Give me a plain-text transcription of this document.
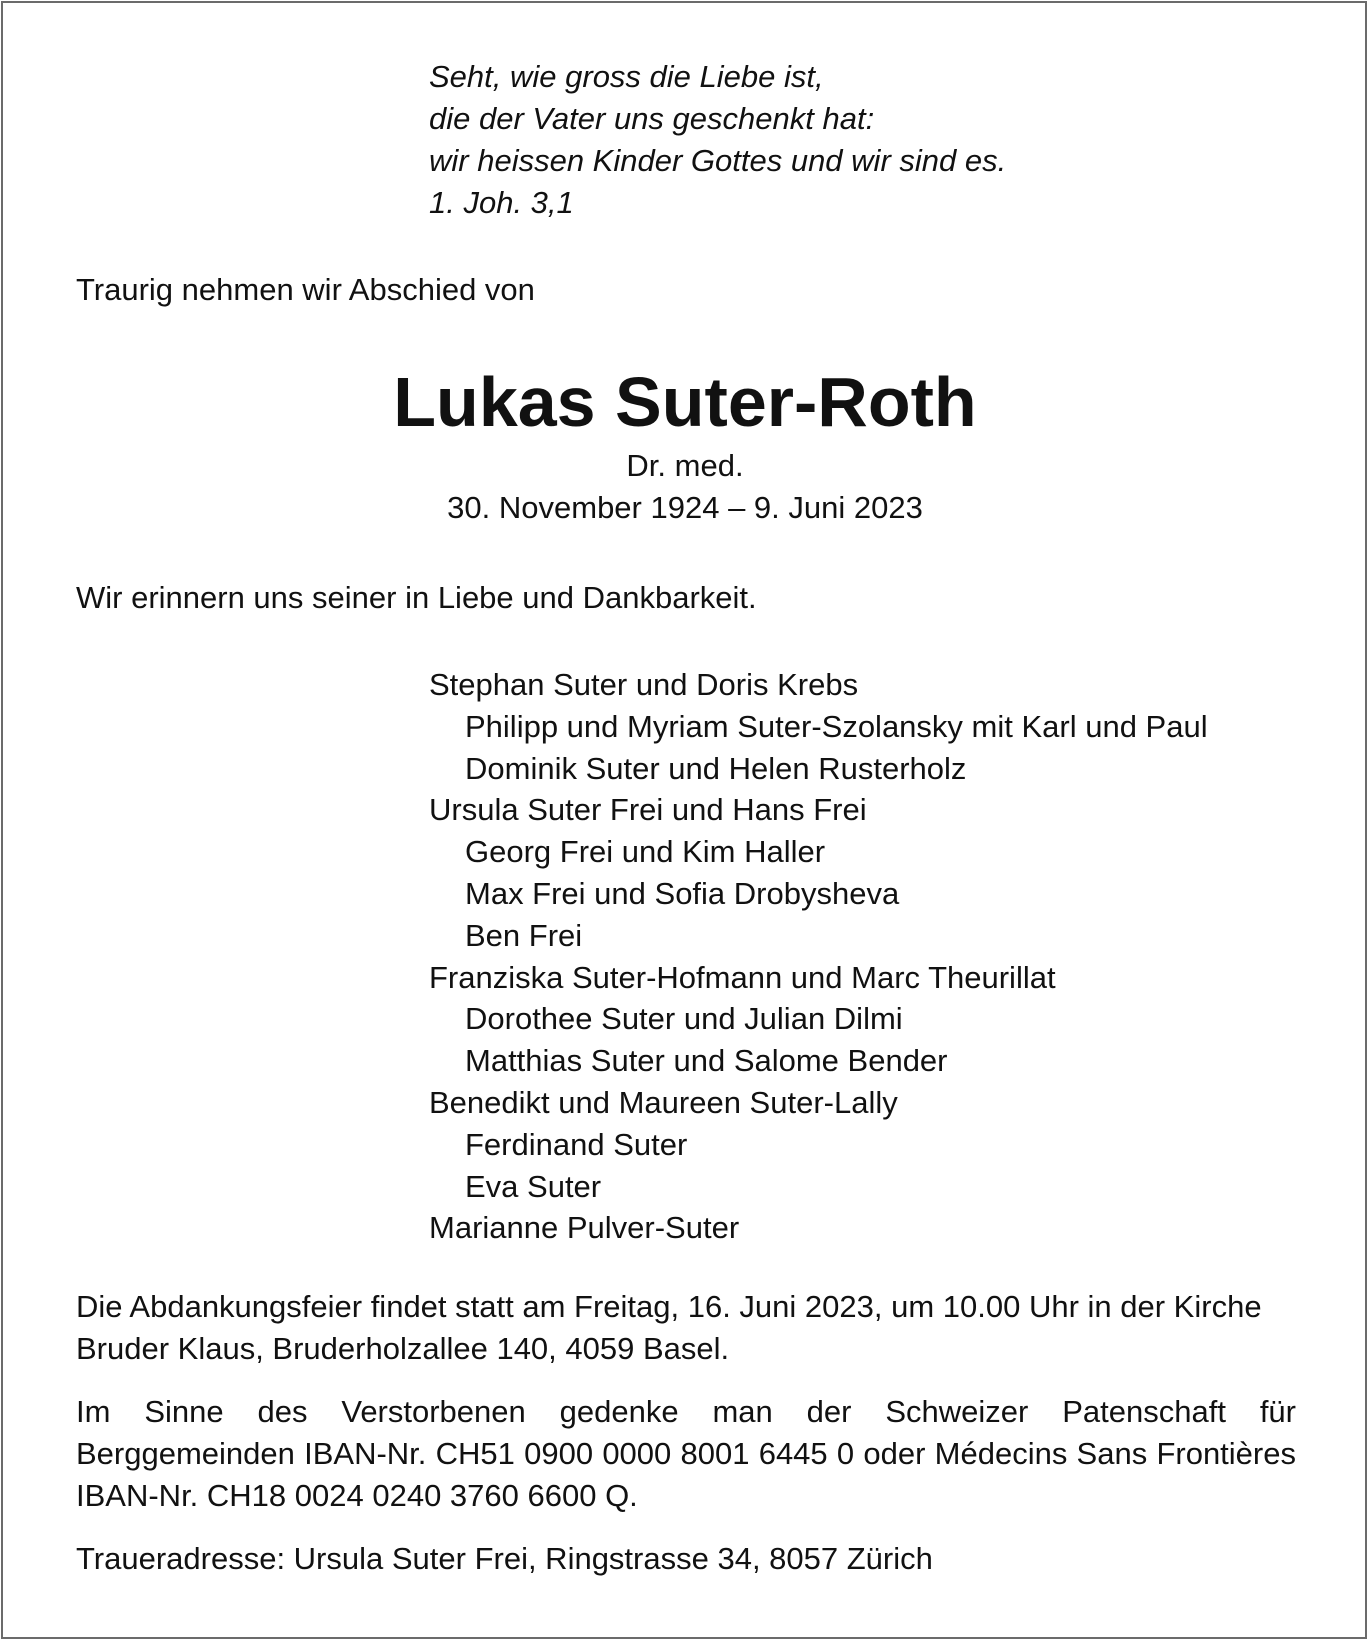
Seht, wie gross die Liebe ist,
die der Vater uns geschenkt hat:
wir heissen Kinder Gottes und wir sind es.
1. Joh. 3,1
Traurig nehmen wir Abschied von
Lukas Suter-Roth
Dr. med.
30. November 1924 – 9. Juni 2023
Wir erinnern uns seiner in Liebe und Dankbarkeit.
Stephan Suter und Doris Krebs
Philipp und Myriam Suter-Szolansky mit Karl und Paul
Dominik Suter und Helen Rusterholz
Ursula Suter Frei und Hans Frei
Georg Frei und Kim Haller
Max Frei und Sofia Drobysheva
Ben Frei
Franziska Suter-Hofmann und Marc Theurillat
Dorothee Suter und Julian Dilmi
Matthias Suter und Salome Bender
Benedikt und Maureen Suter-Lally
Ferdinand Suter
Eva Suter
Marianne Pulver-Suter
Die Abdankungsfeier findet statt am Freitag, 16. Juni 2023, um 10.00 Uhr in der Kirche Bruder Klaus, Bruderholzallee 140, 4059 Basel.
Im Sinne des Verstorbenen gedenke man der Schweizer Patenschaft für Berggemeinden IBAN-Nr. CH51 0900 0000 8001 6445 0 oder Médecins Sans Frontières IBAN-Nr. CH18 0024 0240 3760 6600 Q.
Traueradresse: Ursula Suter Frei, Ringstrasse 34, 8057 Zürich
